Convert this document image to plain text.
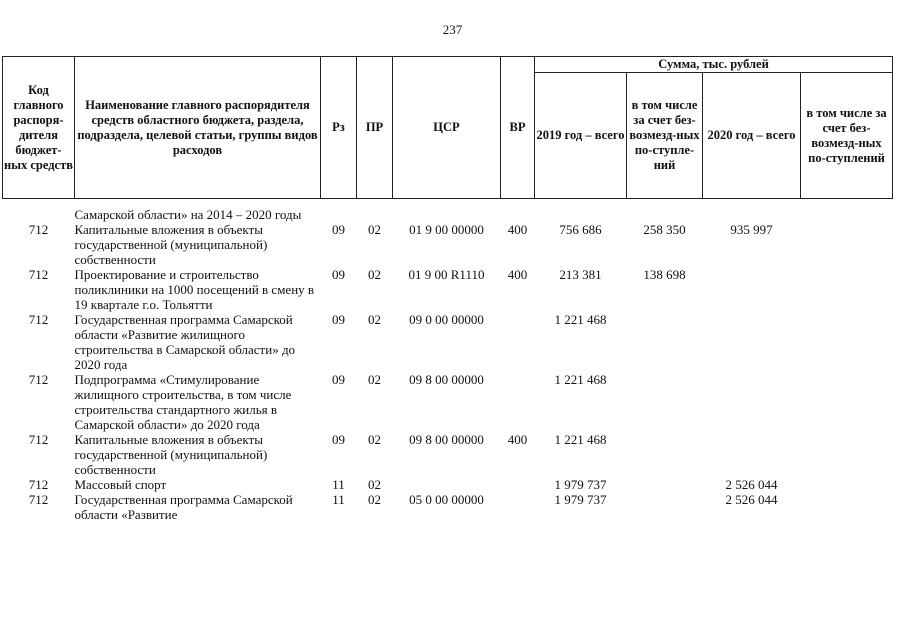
237
Код главного распоря-дителя бюджет-ных средств	Наименование главного распорядителя средств областного бюджета, раздела, подраздела, целевой статьи, группы видов расходов	Рз	ПР	ЦСР	ВР	Сумма, тыс. рублей			
						2019 год – всего	в том числе за счет без-возмезд-ных по-ступле-ний	2020 год – всего	в том числе за счет без-возмезд-ных по-ступлений

	Самарской области» на 2014 – 2020 годы								
712	Капитальные вложения в объекты государственной (муниципальной) собственности	09	02	01 9 00 00000	400	756 686	258 350	935 997	
712	Проектирование и строительство поликлиники на 1000 посещений в смену в 19 квартале г.о. Тольятти	09	02	01 9 00 R1110	400	213 381	138 698		
712	Государственная программа Самарской области «Развитие жилищного строительства в Самарской области» до 2020 года	09	02	09 0 00 00000		1 221 468			
712	Подпрограмма «Стимулирование жилищного строительства, в том числе строительства стандартного жилья в Самарской области» до 2020 года	09	02	09 8 00 00000		1 221 468			
712	Капитальные вложения в объекты государственной (муниципальной) собственности	09	02	09 8 00 00000	400	1 221 468			
712	Массовый спорт	11	02			1 979 737		2 526 044	
712	Государственная программа Самарской области «Развитие	11	02	05 0 00 00000		1 979 737		2 526 044	
